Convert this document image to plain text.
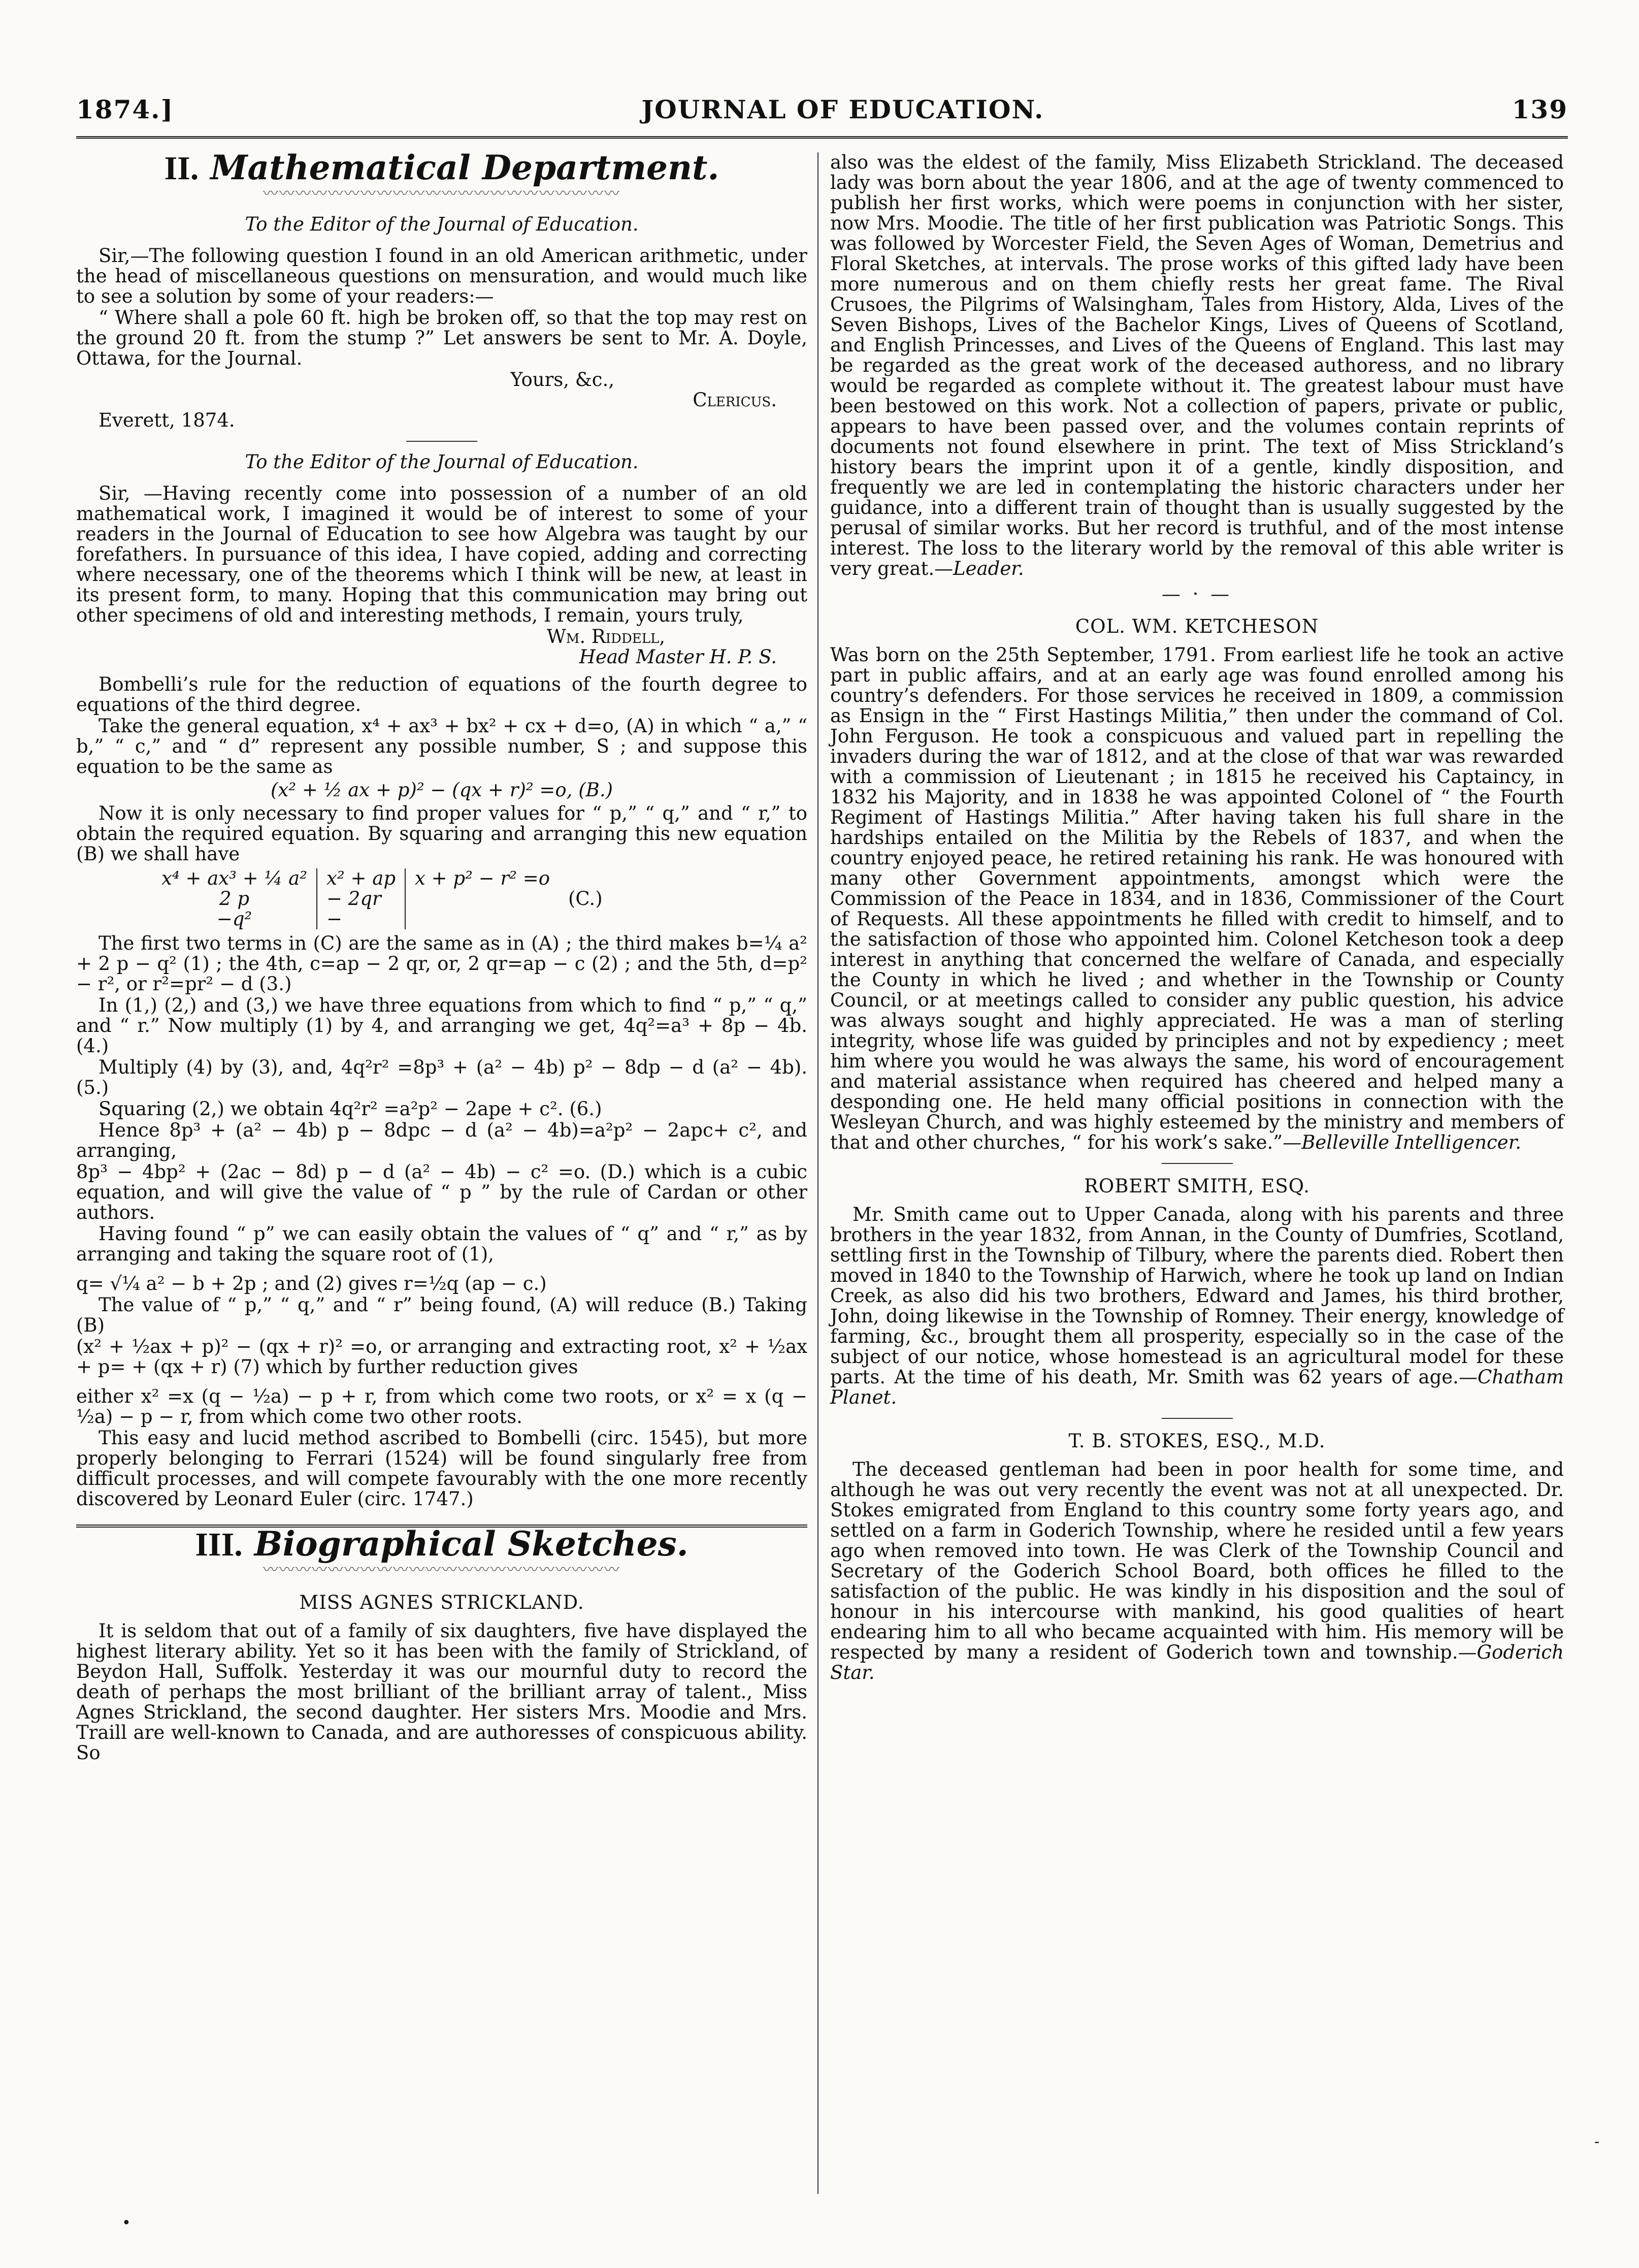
1874.]	JOURNAL OF EDUCATION.	139
II. Mathematical Department.
〰〰〰〰〰〰〰〰〰〰〰〰〰〰〰〰〰〰〰〰〰〰
To the Editor of the Journal of Education.

Sir,—The following question I found in an old American arithmetic, under the head of miscellaneous questions on mensuration, and would much like to see a solution by some of your readers:—

“ Where shall a pole 60 ft. high be broken off, so that the top may rest on the ground 20 ft. from the stump ?” Let answers be sent to Mr. A. Doyle, Ottawa, for the Journal.

Yours, &c.,
Clericus.

Everett, 1874.

To the Editor of the Journal of Education.

Sir, —Having recently come into possession of a number of an old mathematical work, I imagined it would be of interest to some of your readers in the Journal of Education to see how Algebra was taught by our forefathers. In pursuance of this idea, I have copied, adding and correcting where necessary, one of the theorems which I think will be new, at least in its present form, to many. Hoping that this communication may bring out other specimens of old and interesting methods, I remain, yours truly,

Wm. Riddell,
Head Master H. P. S.

Bombelli’s rule for the reduction of equations of the fourth degree to equations of the third degree.

Take the general equation, x⁴ + ax³ + bx² + cx + d=o, (A) in which “ a,” “ b,” “ c,” and “ d” represent any possible number, S ; and suppose this equation to be the same as

(x² + ½ ax + p)² − (qx + r)² =o, (B.)

Now it is only necessary to find proper values for “ p,” “ q,” and “ r,” to obtain the required equation. By squaring and arranging this new equation (B) we shall have

x⁴ + ax³ + ¼ a²	x² + ap	x + p² − r² =o	(C.)
2 p	− 2qr		
−q²	−		

The first two terms in (C) are the same as in (A) ; the third makes b=¼ a² + 2 p − q² (1) ; the 4th, c=ap − 2 qr, or, 2 qr=ap − c (2) ; and the 5th, d=p² − r², or r²=pr² − d (3.)

In (1,) (2,) and (3,) we have three equations from which to find “ p,” “ q,” and “ r.” Now multiply (1) by 4, and arranging we get, 4q²=a³ + 8p − 4b. (4.)

Multiply (4) by (3), and, 4q²r² =8p³ + (a² − 4b) p² − 8dp − d (a² − 4b). (5.)

Squaring (2,) we obtain 4q²r² =a²p² − 2ape + c². (6.)

Hence 8p³ + (a² − 4b) p − 8dpc − d (a² − 4b)=a²p² − 2apc+ c², and arranging,

8p³ − 4bp² + (2ac − 8d) p − d (a² − 4b) − c² =o. (D.) which is a cubic equation, and will give the value of “ p ” by the rule of Cardan or other authors.

Having found “ p” we can easily obtain the values of “ q” and “ r,” as by arranging and taking the square root of (1),

q= √¼ a² − b + 2p ; and (2) gives r=½q (ap − c.)

The value of “ p,” “ q,” and “ r” being found, (A) will reduce (B.) Taking (B)

(x² + ½ax + p)² − (qx + r)² =o, or arranging and extracting root, x² + ½ax + p= + (qx + r) (7) which by further reduction gives

either x² =x (q − ½a) − p + r, from which come two roots, or x² = x (q − ½a) − p − r, from which come two other roots.

This easy and lucid method ascribed to Bombelli (circ. 1545), but more properly belonging to Ferrari (1524) will be found singularly free from difficult processes, and will compete favourably with the one more recently discovered by Leonard Euler (circ. 1747.)

III. Biographical Sketches.
〰〰〰〰〰〰〰〰〰〰〰〰〰〰〰〰〰〰〰〰〰〰
MISS AGNES STRICKLAND.

It is seldom that out of a family of six daughters, five have displayed the highest literary ability. Yet so it has been with the family of Strickland, of Beydon Hall, Suffolk. Yesterday it was our mournful duty to record the death of perhaps the most brilliant of the brilliant array of talent., Miss Agnes Strickland, the second daughter. Her sisters Mrs. Moodie and Mrs. Traill are well-known to Canada, and are authoresses of conspicuous ability. So

also was the eldest of the family, Miss Elizabeth Strickland. The deceased lady was born about the year 1806, and at the age of twenty commenced to publish her first works, which were poems in conjunction with her sister, now Mrs. Moodie. The title of her first publication was Patriotic Songs. This was followed by Worcester Field, the Seven Ages of Woman, Demetrius and Floral Sketches, at intervals. The prose works of this gifted lady have been more numerous and on them chiefly rests her great fame. The Rival Crusoes, the Pilgrims of Walsingham, Tales from History, Alda, Lives of the Seven Bishops, Lives of the Bachelor Kings, Lives of Queens of Scotland, and English Princesses, and Lives of the Queens of England. This last may be regarded as the great work of the deceased authoress, and no library would be regarded as complete without it. The greatest labour must have been bestowed on this work. Not a collection of papers, private or public, appears to have been passed over, and the volumes contain reprints of documents not found elsewhere in print. The text of Miss Strickland’s history bears the imprint upon it of a gentle, kindly disposition, and frequently we are led in contemplating the historic characters under her guidance, into a different train of thought than is usually suggested by the perusal of similar works. But her record is truthful, and of the most intense interest. The loss to the literary world by the removal of this able writer is very great.—Leader.

— · —
COL. WM. KETCHESON

Was born on the 25th September, 1791. From earliest life he took an active part in public affairs, and at an early age was found enrolled among his country’s defenders. For those services he received in 1809, a commission as Ensign in the “ First Hastings Militia,” then under the command of Col. John Ferguson. He took a conspicuous and valued part in repelling the invaders during the war of 1812, and at the close of that war was rewarded with a commission of Lieutenant ; in 1815 he received his Captaincy, in 1832 his Majority, and in 1838 he was appointed Colonel of “ the Fourth Regiment of Hastings Militia.” After having taken his full share in the hardships entailed on the Militia by the Rebels of 1837, and when the country enjoyed peace, he retired retaining his rank. He was honoured with many other Government appointments, amongst which were the Commission of the Peace in 1834, and in 1836, Commissioner of the Court of Requests. All these appointments he filled with credit to himself, and to the satisfaction of those who appointed him. Colonel Ketcheson took a deep interest in anything that concerned the welfare of Canada, and especially the County in which he lived ; and whether in the Township or County Council, or at meetings called to consider any public question, his advice was always sought and highly appreciated. He was a man of sterling integrity, whose life was guided by principles and not by expediency ; meet him where you would he was always the same, his word of encouragement and material assistance when required has cheered and helped many a desponding one. He held many official positions in connection with the Wesleyan Church, and was highly esteemed by the ministry and members of that and other churches, “ for his work’s sake.”—Belleville Intelligencer.

ROBERT SMITH, ESQ.

Mr. Smith came out to Upper Canada, along with his parents and three brothers in the year 1832, from Annan, in the County of Dumfries, Scotland, settling first in the Township of Tilbury, where the parents died. Robert then moved in 1840 to the Township of Harwich, where he took up land on Indian Creek, as also did his two brothers, Edward and James, his third brother, John, doing likewise in the Township of Romney. Their energy, knowledge of farming, &c., brought them all prosperity, especially so in the case of the subject of our notice, whose homestead is an agricultural model for these parts. At the time of his death, Mr. Smith was 62 years of age.—Chatham Planet.

T. B. STOKES, ESQ., M.D.

The deceased gentleman had been in poor health for some time, and although he was out very recently the event was not at all unexpected. Dr. Stokes emigrated from England to this country some forty years ago, and settled on a farm in Goderich Township, where he resided until a few years ago when removed into town. He was Clerk of the Township Council and Secretary of the Goderich School Board, both offices he filled to the satisfaction of the public. He was kindly in his disposition and the soul of honour in his intercourse with mankind, his good qualities of heart endearing him to all who became acquainted with him. His memory will be respected by many a resident of Goderich town and township.—Goderich Star.

•
-
